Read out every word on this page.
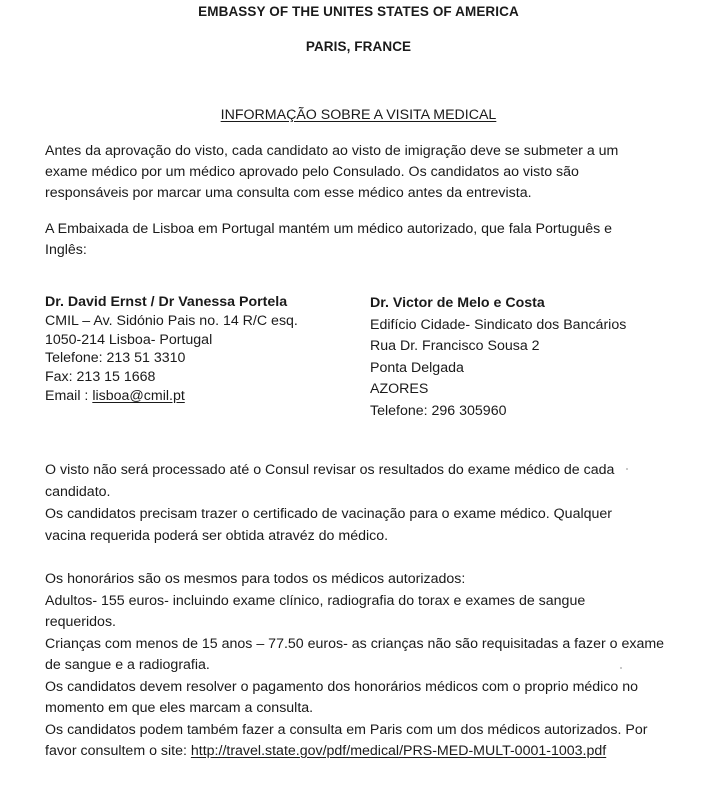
EMBASSY OF THE UNITES STATES OF AMERICA
PARIS, FRANCE
INFORMAÇÃO SOBRE A VISITA MEDICAL
Antes da aprovação do visto, cada candidato ao visto de imigração deve se submeter a um
exame médico por um médico aprovado pelo Consulado. Os candidatos ao visto são
responsáveis por marcar uma consulta com esse médico antes da entrevista.
A Embaixada de Lisboa em Portugal mantém um médico autorizado, que fala Português e
Inglês:
Dr. David Ernst / Dr Vanessa Portela
CMIL – Av. Sidónio Pais no. 14 R/C esq.
1050-214 Lisboa- Portugal
Telefone: 213 51 3310
Fax: 213 15 1668
Email : lisboa@cmil.pt
Dr. Victor de Melo e Costa
Edifício Cidade- Sindicato dos Bancários
Rua Dr. Francisco Sousa 2
Ponta Delgada
AZORES
Telefone: 296 305960
O visto não será processado até o Consul revisar os resultados do exame médico de cada
candidato.
Os candidatos precisam trazer o certificado de vacinação para o exame médico. Qualquer
vacina requerida poderá ser obtida atravéz do médico.
Os honorários são os mesmos para todos os médicos autorizados:
Adultos- 155 euros- incluindo exame clínico, radiografia do torax e exames de sangue
requeridos.
Crianças com menos de 15 anos – 77.50 euros- as crianças não são requisitadas a fazer o exame
de sangue e a radiografia.
Os candidatos devem resolver o pagamento dos honorários médicos com o proprio médico no
momento em que eles marcam a consulta.
Os candidatos podem também fazer a consulta em Paris com um dos médicos autorizados. Por
favor consultem o site: http://travel.state.gov/pdf/medical/PRS-MED-MULT-0001-1003.pdf
